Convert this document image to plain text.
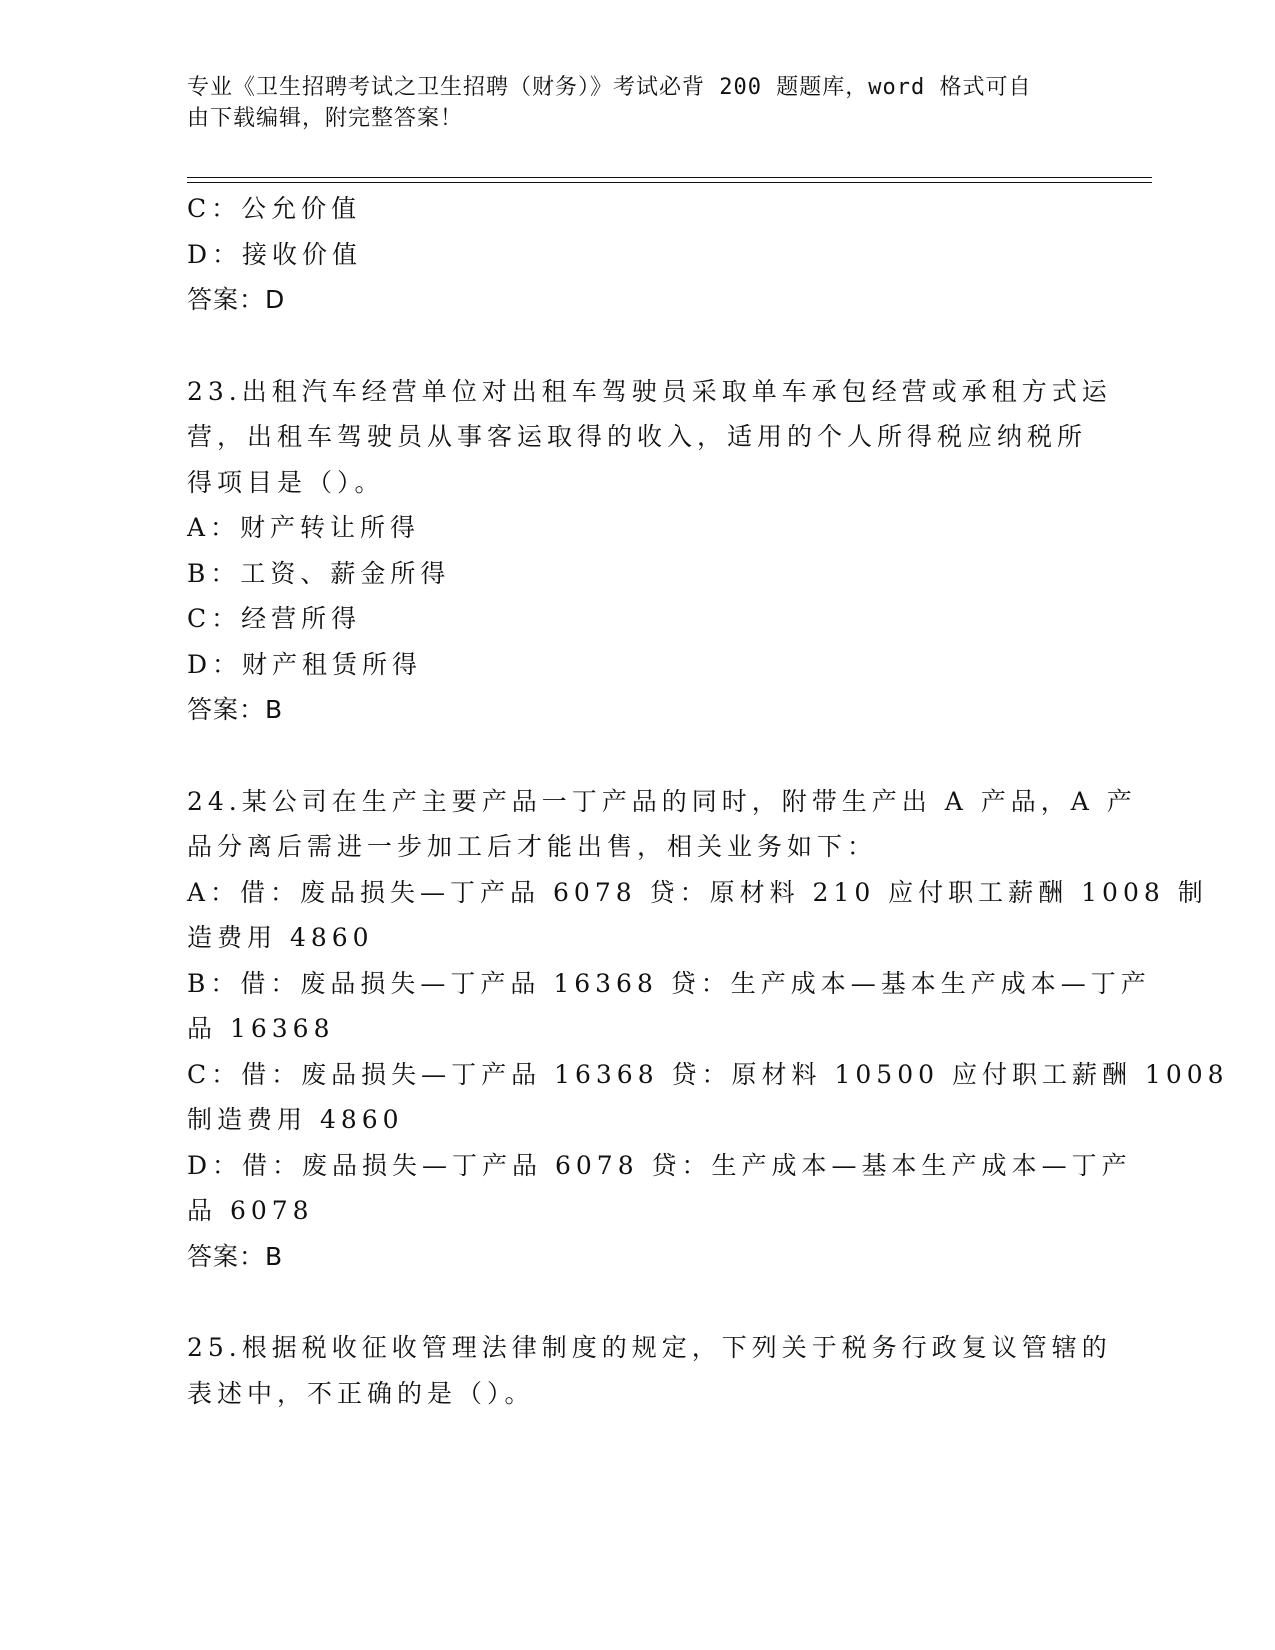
专业《卫生招聘考试之卫生招聘（财务）》考试必背 200 题题库，word 格式可自
由下载编辑，附完整答案！
C：公允价值
D：接收价值
答案：D
23.出租汽车经营单位对出租车驾驶员采取单车承包经营或承租方式运
营，出租车驾驶员从事客运取得的收入，适用的个人所得税应纳税所
得项目是（）。
A：财产转让所得
B：工资、薪金所得
C：经营所得
D：财产租赁所得
答案：B
24.某公司在生产主要产品一丁产品的同时，附带生产出 A 产品，A 产
品分离后需进一步加工后才能出售，相关业务如下：
A：借：废品损失—丁产品 6078 贷：原材料 210 应付职工薪酬 1008 制
造费用 4860
B：借：废品损失—丁产品 16368 贷：生产成本—基本生产成本—丁产
品 16368
C：借：废品损失—丁产品 16368 贷：原材料 10500 应付职工薪酬 1008
制造费用 4860
D：借：废品损失—丁产品 6078 贷：生产成本—基本生产成本—丁产
品 6078
答案：B
25.根据税收征收管理法律制度的规定，下列关于税务行政复议管辖的
表述中，不正确的是（）。
